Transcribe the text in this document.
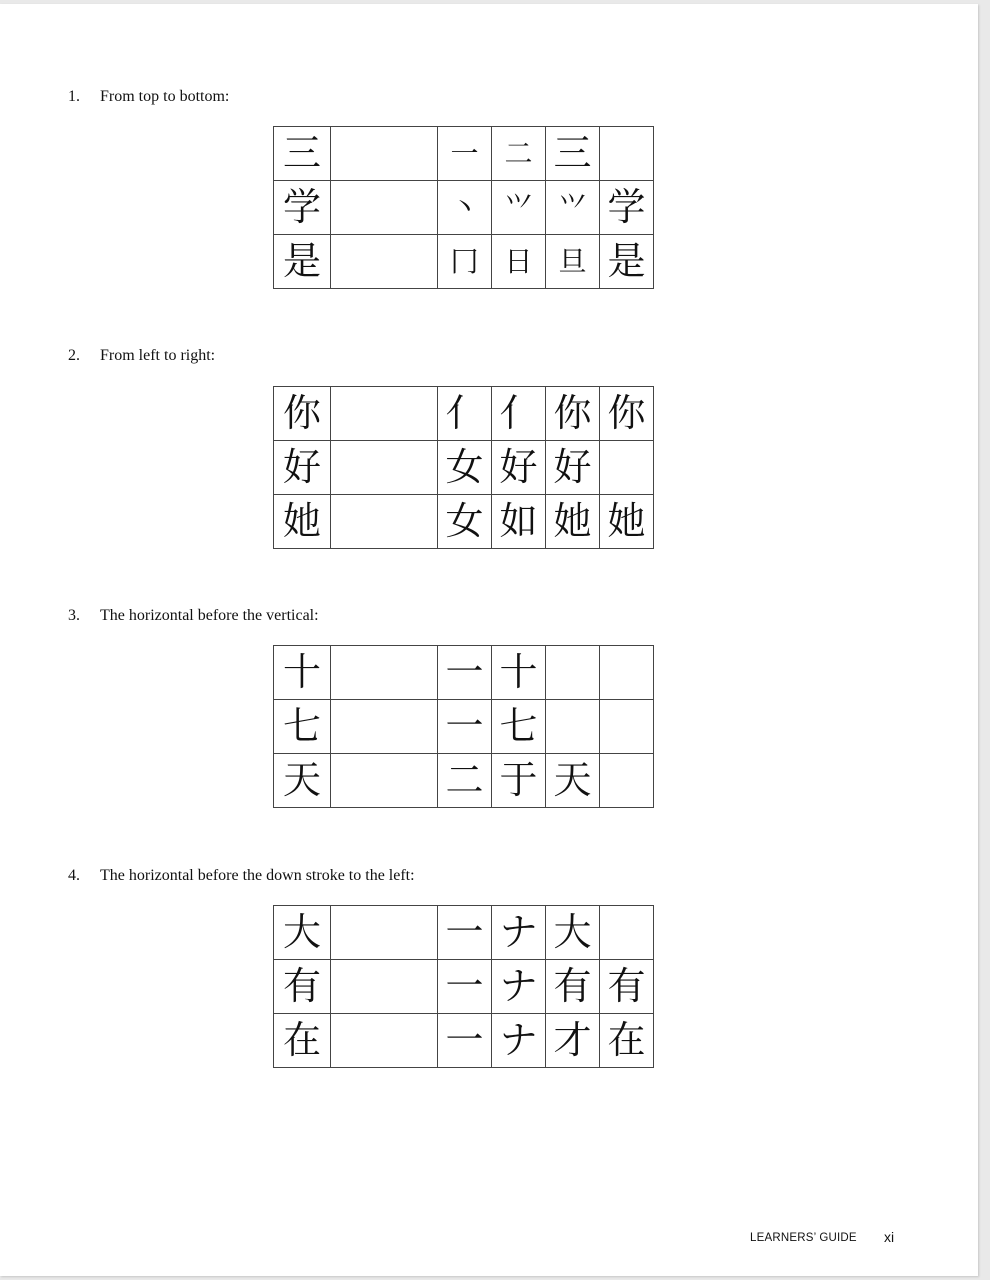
1. From top to bottom:
三		一	二	三	
学		丶	⺍	𭕄	学
是		冂	日	旦	是
2. From left to right:
你		亻	亻	你	你
好		女	好	好	
她		女	如	她	她
3. The horizontal before the vertical:
十		一	十		
七		一	七		
天		二	于	天	
4. The horizontal before the down stroke to the left:
大		一	ナ	大	
有		一	ナ	有	有
在		一	ナ	才	在
LEARNERS’ GUIDE xi
